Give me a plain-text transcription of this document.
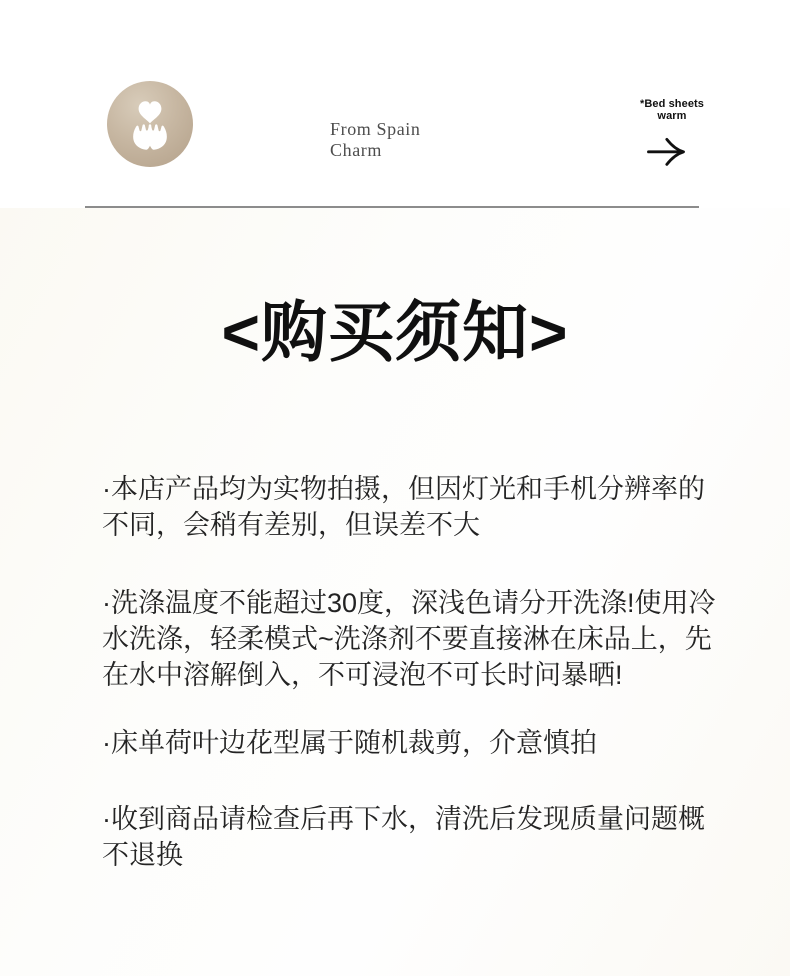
From Spain
Charm
*Bed sheets
warm
<购买须知>

·本店产品均为实物拍摄，但因灯光和手机分辨率的不同，会稍有差别，但误差不大

·洗涤温度不能超过30度，深浅色请分开洗涤!使用冷水洗涤，轻柔模式~洗涤剂不要直接淋在床品上，先在水中溶解倒入，不可浸泡不可长时问暴晒!

·床单荷叶边花型属于随机裁剪，介意慎拍

·收到商品请检查后再下水，清洗后发现质量问题概不退换
